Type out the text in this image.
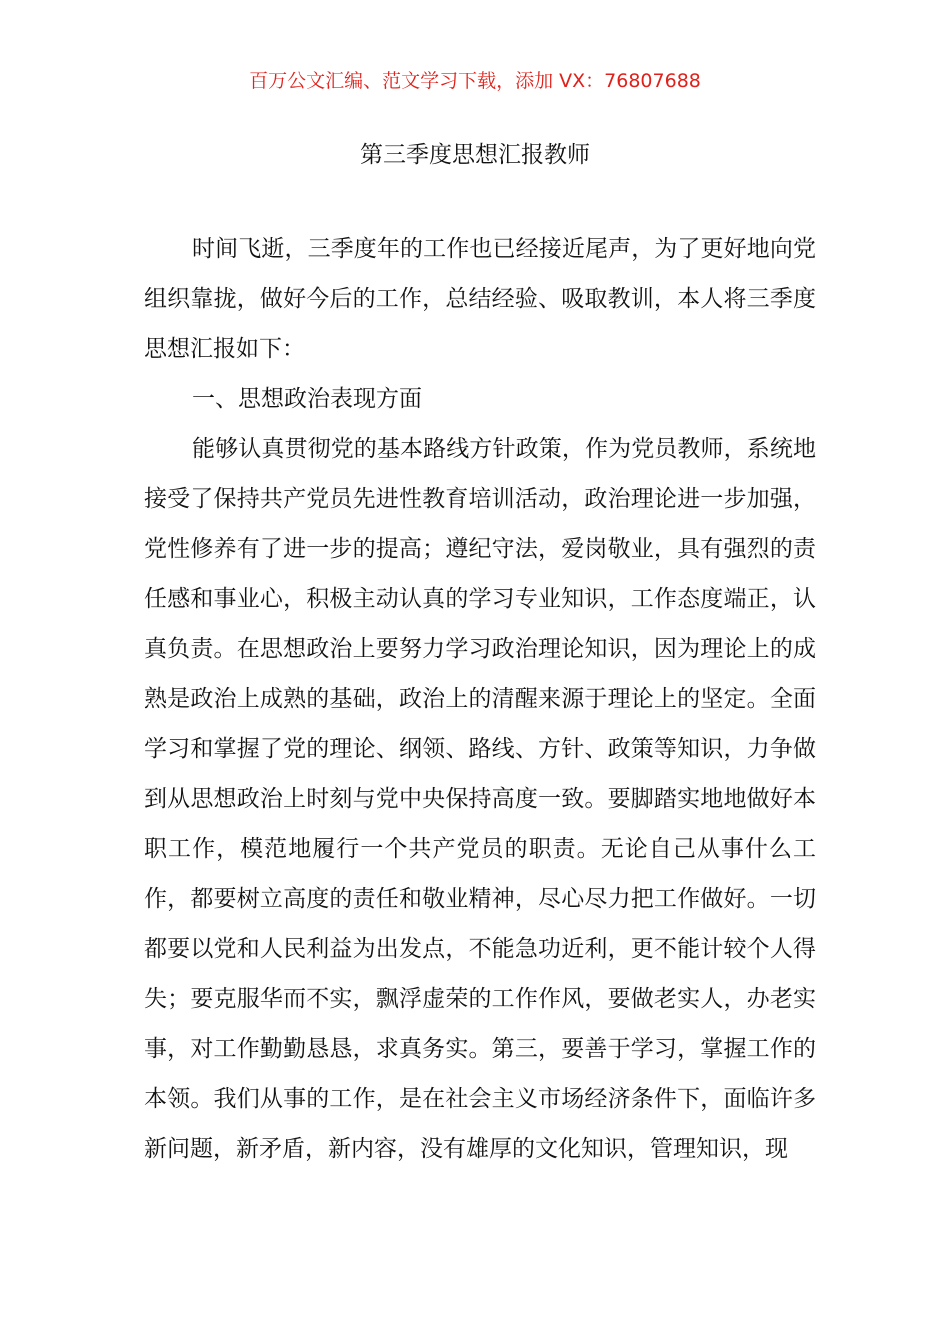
百万公文汇编、范文学习下载，添加 VX：76807688
第三季度思想汇报教师

时间飞逝，三季度年的工作也已经接近尾声，为了更好地向党组织靠拢，做好今后的工作，总结经验、吸取教训，本人将三季度思想汇报如下：

一、思想政治表现方面

能够认真贯彻党的基本路线方针政策，作为党员教师，系统地接受了保持共产党员先进性教育培训活动，政治理论进一步加强，党性修养有了进一步的提高；遵纪守法，爱岗敬业，具有强烈的责任感和事业心，积极主动认真的学习专业知识，工作态度端正，认真负责。在思想政治上要努力学习政治理论知识，因为理论上的成熟是政治上成熟的基础，政治上的清醒来源于理论上的坚定。全面学习和掌握了党的理论、纲领、路线、方针、政策等知识，力争做到从思想政治上时刻与党中央保持高度一致。要脚踏实地地做好本职工作，模范地履行一个共产党员的职责。无论自己从事什么工作，都要树立高度的责任和敬业精神，尽心尽力把工作做好。一切都要以党和人民利益为出发点，不能急功近利，更不能计较个人得失；要克服华而不实，飘浮虚荣的工作作风，要做老实人，办老实事，对工作勤勤恳恳，求真务实。第三，要善于学习，掌握工作的本领。我们从事的工作，是在社会主义市场经济条件下，面临许多新问题，新矛盾，新内容，没有雄厚的文化知识，管理知识，现
